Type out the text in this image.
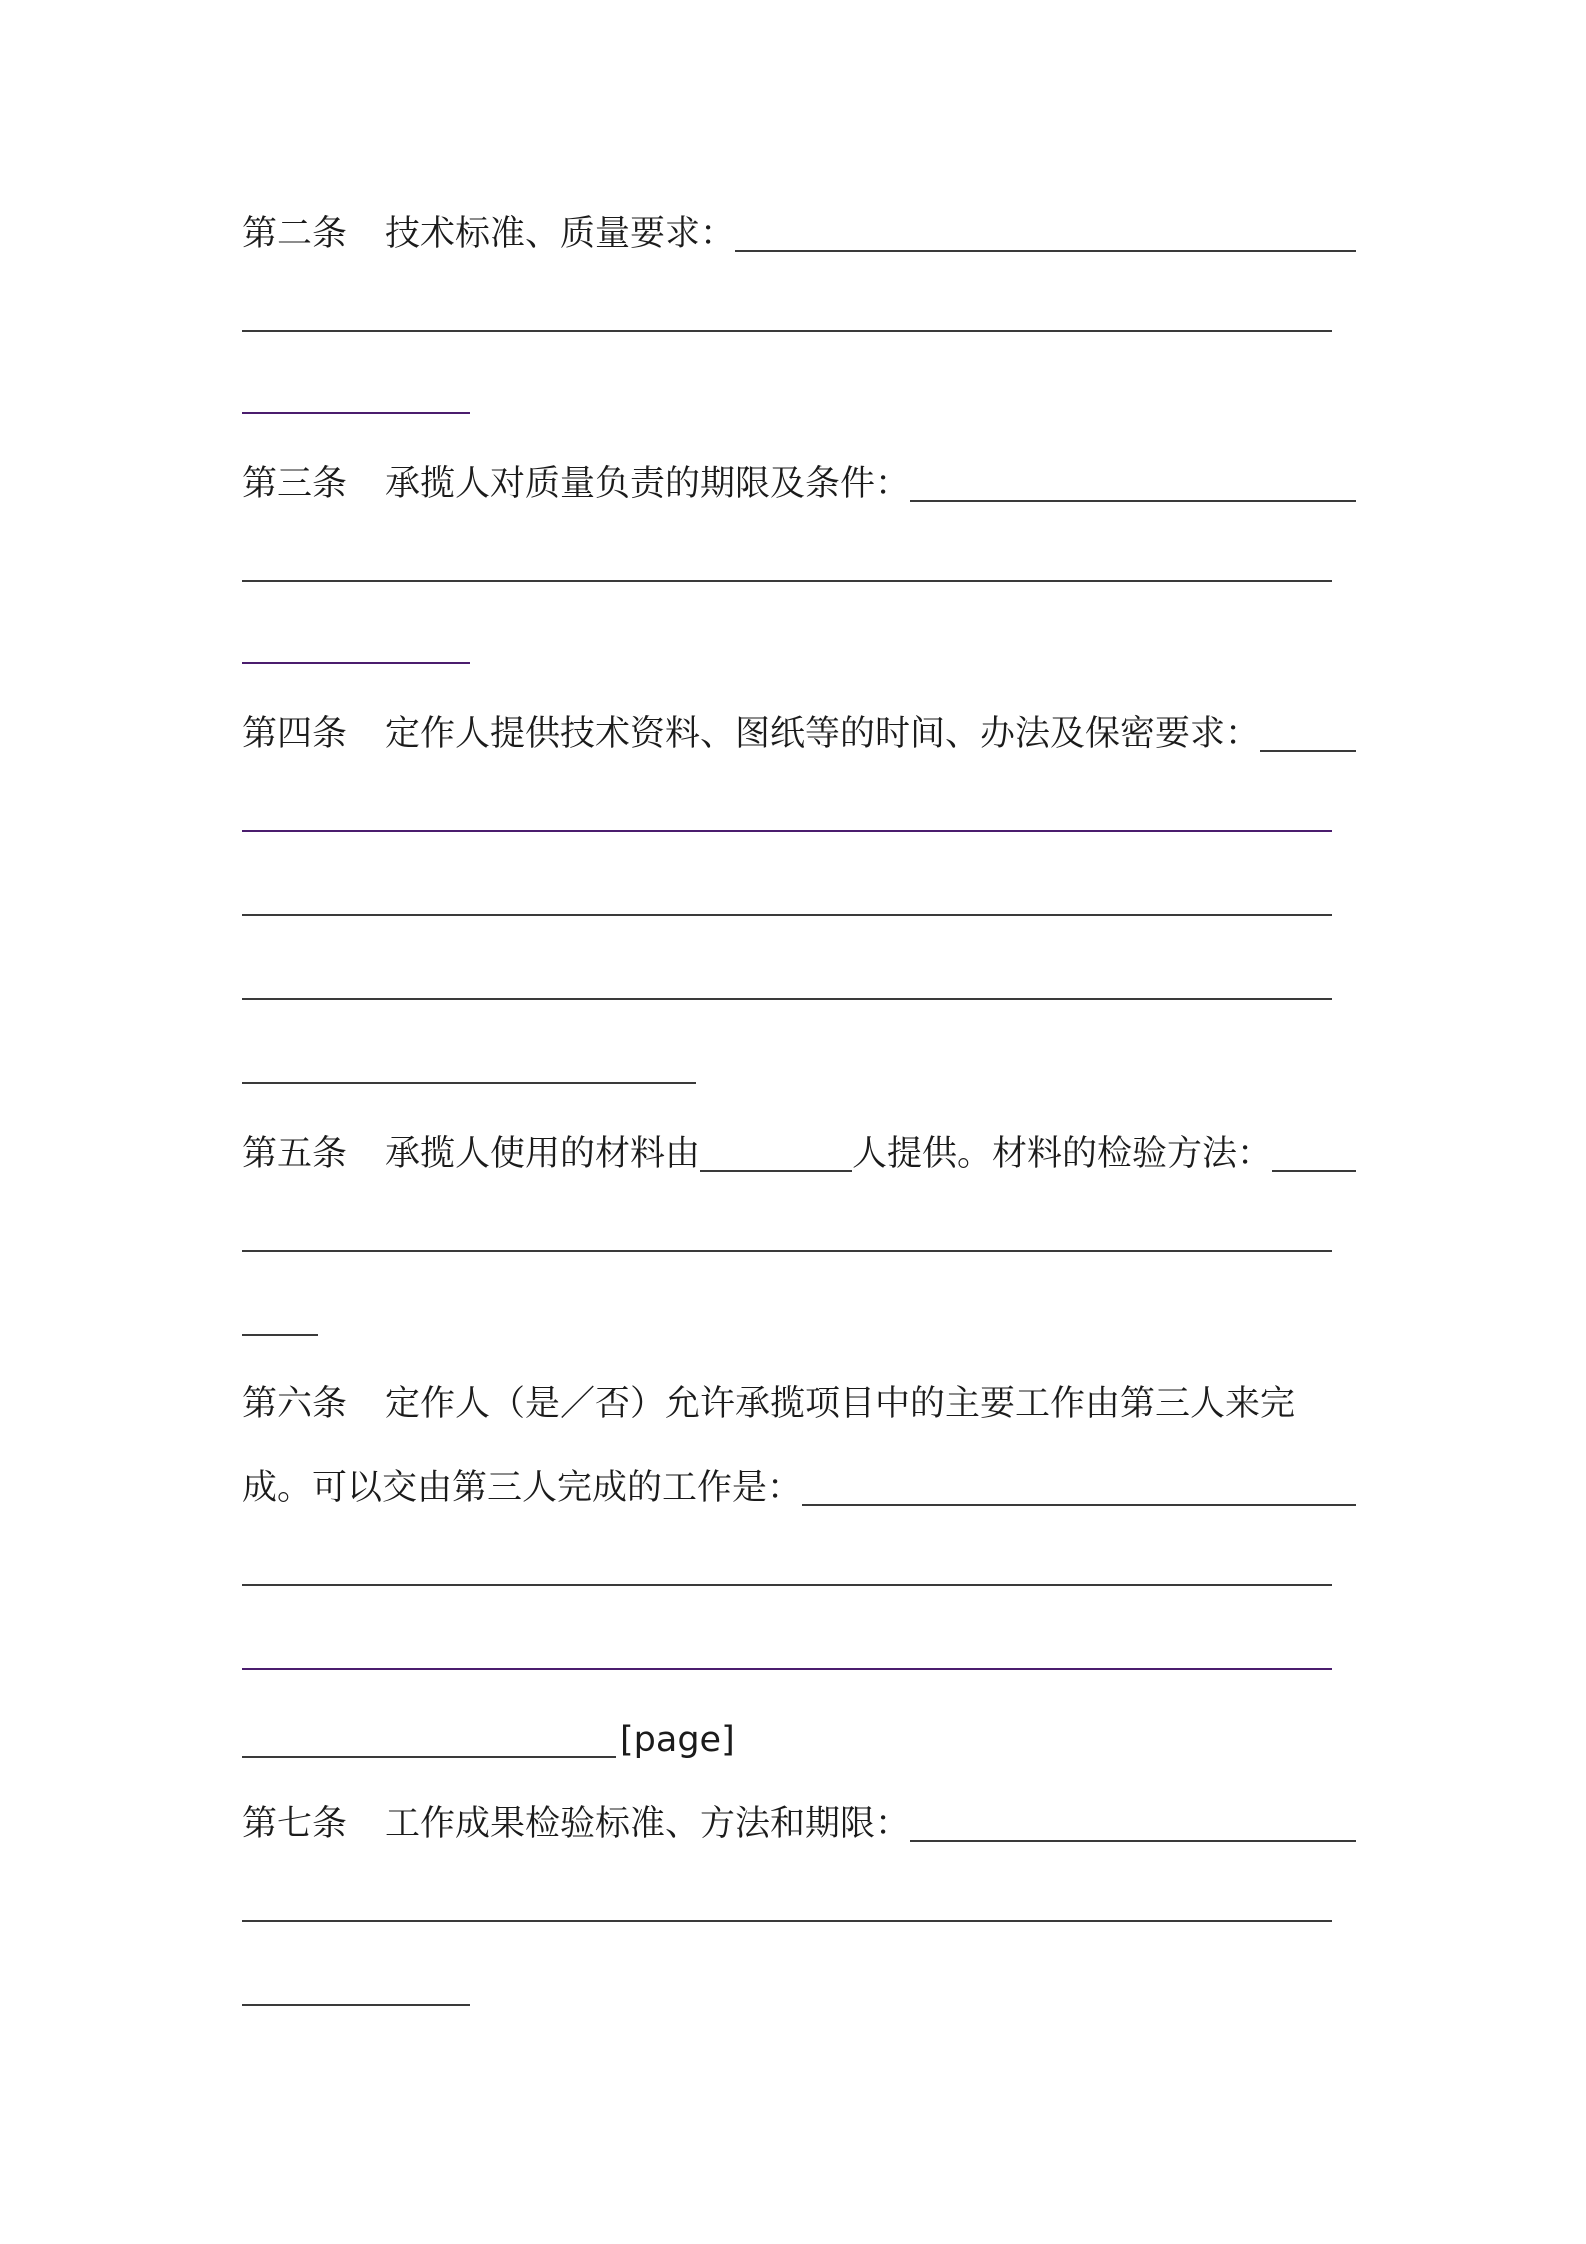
第二条 技术标准、质量要求：
第三条 承揽人对质量负责的期限及条件：
第四条 定作人提供技术资料、图纸等的时间、办法及保密要求：
第五条 承揽人使用的材料由	人提供。材料的检验方法：
第六条 定作人（是／否）允许承揽项目中的主要工作由第三人来完
成。可以交由第三人完成的工作是：
[page]
第七条 工作成果检验标准、方法和期限：
